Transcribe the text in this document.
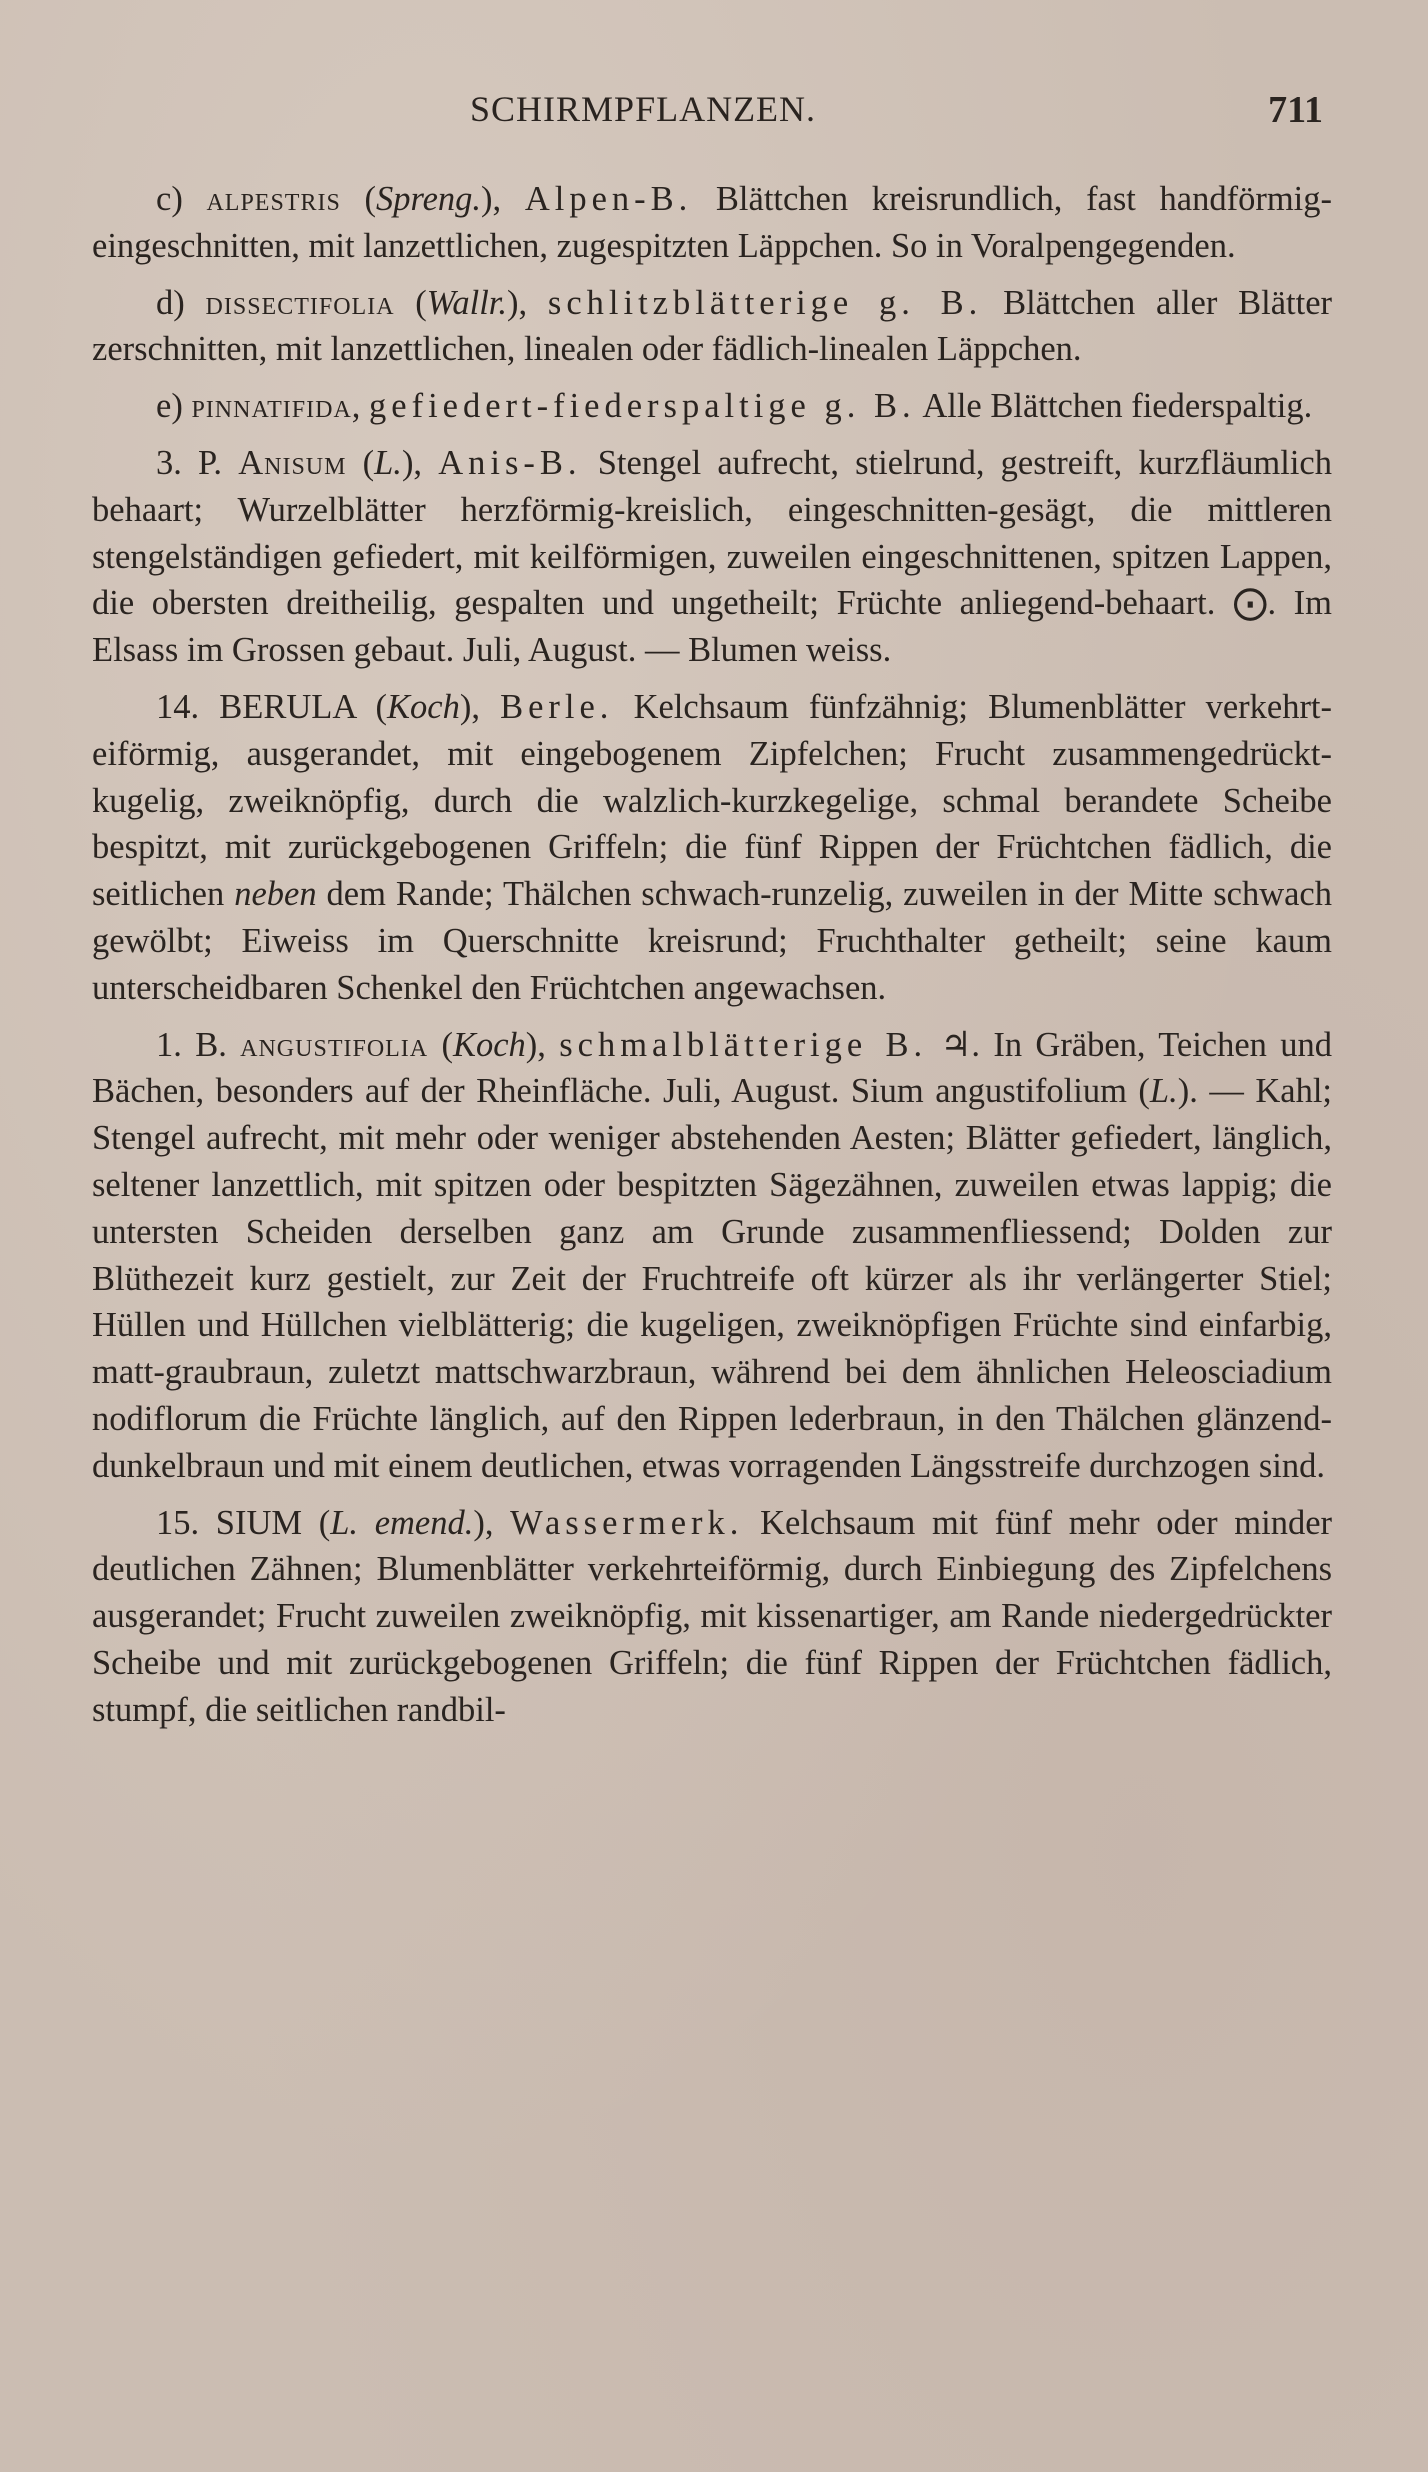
SCHIRMPFLANZEN.	711

c) alpestris (Spreng.), Alpen-B. Blättchen kreisrundlich, fast handförmig-eingeschnitten, mit lanzettlichen, zugespitzten Läppchen. So in Voralpengegenden.

d) dissectifolia (Wallr.), schlitzblätterige g. B. Blättchen aller Blätter zerschnitten, mit lanzettlichen, linealen oder fädlich-linealen Läppchen.

e) pinnatifida, gefiedert-fiederspaltige g. B. Alle Blättchen fiederspaltig.

3. P. Anisum (L.), Anis-B. Stengel aufrecht, stielrund, gestreift, kurzfläumlich behaart; Wurzelblätter herzförmig-kreislich, eingeschnitten-gesägt, die mittleren stengelständigen gefiedert, mit keilförmigen, zuweilen eingeschnittenen, spitzen Lappen, die obersten dreitheilig, gespalten und ungetheilt; Früchte anliegend-behaart. ⨀. Im Elsass im Grossen gebaut. Juli, August. — Blumen weiss.

14. BERULA (Koch), Berle. Kelchsaum fünfzähnig; Blumenblätter verkehrt-eiförmig, ausgerandet, mit eingebogenem Zipfelchen; Frucht zusammengedrückt-kugelig, zweiknöpfig, durch die walzlich-kurzkegelige, schmal berandete Scheibe bespitzt, mit zurückgebogenen Griffeln; die fünf Rippen der Früchtchen fädlich, die seitlichen neben dem Rande; Thälchen schwach-runzelig, zuweilen in der Mitte schwach gewölbt; Eiweiss im Querschnitte kreisrund; Fruchthalter getheilt; seine kaum unterscheidbaren Schenkel den Früchtchen angewachsen.

1. B. angustifolia (Koch), schmalblätterige B. ♃. In Gräben, Teichen und Bächen, besonders auf der Rheinfläche. Juli, August. Sium angustifolium (L.). — Kahl; Stengel aufrecht, mit mehr oder weniger abstehenden Aesten; Blätter gefiedert, länglich, seltener lanzettlich, mit spitzen oder bespitzten Sägezähnen, zuweilen etwas lappig; die untersten Scheiden derselben ganz am Grunde zusammenfliessend; Dolden zur Blüthezeit kurz gestielt, zur Zeit der Fruchtreife oft kürzer als ihr verlängerter Stiel; Hüllen und Hüllchen vielblätterig; die kugeligen, zweiknöpfigen Früchte sind einfarbig, matt-graubraun, zuletzt mattschwarzbraun, während bei dem ähnlichen Heleosciadium nodiflorum die Früchte länglich, auf den Rippen lederbraun, in den Thälchen glänzend-dunkelbraun und mit einem deutlichen, etwas vorragenden Längsstreife durchzogen sind.

15. SIUM (L. emend.), Wassermerk. Kelchsaum mit fünf mehr oder minder deutlichen Zähnen; Blumenblätter verkehrteiförmig, durch Einbiegung des Zipfelchens ausgerandet; Frucht zuweilen zweiknöpfig, mit kissenartiger, am Rande niedergedrückter Scheibe und mit zurückgebogenen Griffeln; die fünf Rippen der Früchtchen fädlich, stumpf, die seitlichen randbil-
